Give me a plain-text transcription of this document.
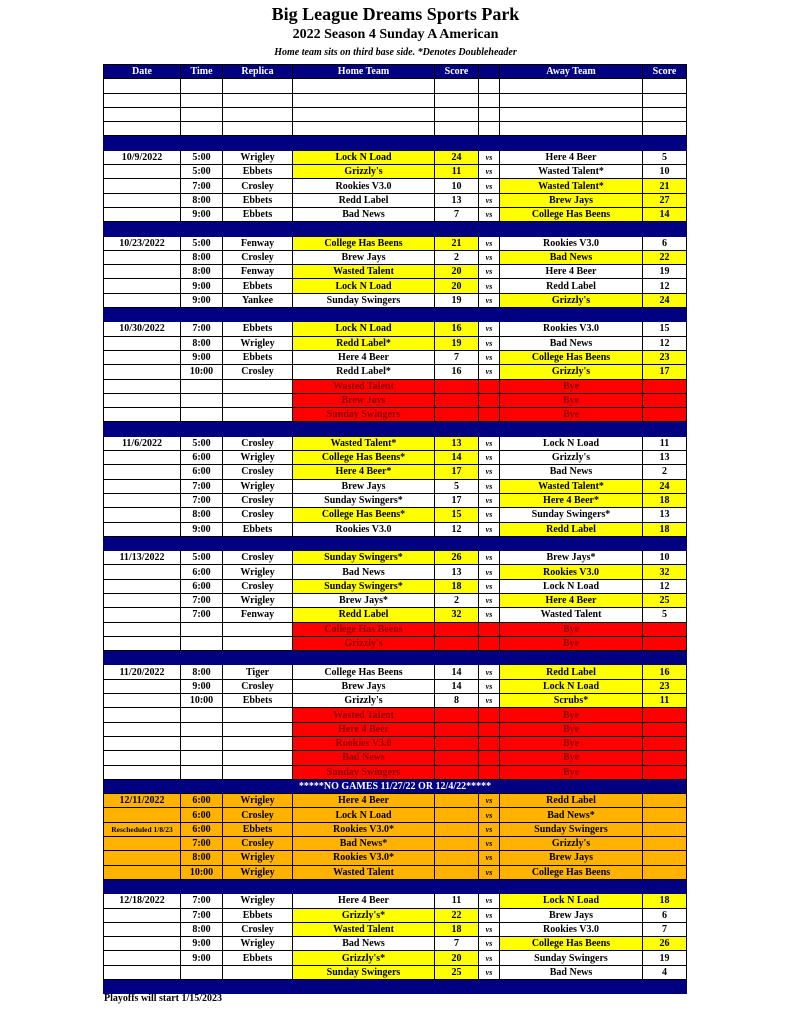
Big League Dreams Sports Park
2022 Season 4 Sunday A American
Home team sits on third base side. *Denotes Doubleheader
Date	Time	Replica	Home Team	Score		Away Team	Score

10/9/2022	5:00	Wrigley	Lock N Load	24	vs	Here 4 Beer	5
	5:00	Ebbets	Grizzly's	11	vs	Wasted Talent*	10
	7:00	Crosley	Rookies V3.0	10	vs	Wasted Talent*	21
	8:00	Ebbets	Redd Label	13	vs	Brew Jays	27
	9:00	Ebbets	Bad News	7	vs	College Has Beens	14

10/23/2022	5:00	Fenway	College Has Beens	21	vs	Rookies V3.0	6
	8:00	Crosley	Brew Jays	2	vs	Bad News	22
	8:00	Fenway	Wasted Talent	20	vs	Here 4 Beer	19
	9:00	Ebbets	Lock N Load	20	vs	Redd Label	12
	9:00	Yankee	Sunday Swingers	19	vs	Grizzly's	24

10/30/2022	7:00	Ebbets	Lock N Load	16	vs	Rookies V3.0	15
	8:00	Wrigley	Redd Label*	19	vs	Bad News	12
	9:00	Ebbets	Here 4 Beer	7	vs	College Has Beens	23
	10:00	Crosley	Redd Label*	16	vs	Grizzly's	17
			Wasted Talent			Bye	
			Brew Jays			Bye	
			Sunday Swingers			Bye	

11/6/2022	5:00	Crosley	Wasted Talent*	13	vs	Lock N Load	11
	6:00	Wrigley	College Has Beens*	14	vs	Grizzly's	13
	6:00	Crosley	Here 4 Beer*	17	vs	Bad News	2
	7:00	Wrigley	Brew Jays	5	vs	Wasted Talent*	24
	7:00	Crosley	Sunday Swingers*	17	vs	Here 4 Beer*	18
	8:00	Crosley	College Has Beens*	15	vs	Sunday Swingers*	13
	9:00	Ebbets	Rookies V3.0	12	vs	Redd Label	18

11/13/2022	5:00	Crosley	Sunday Swingers*	26	vs	Brew Jays*	10
	6:00	Wrigley	Bad News	13	vs	Rookies V3.0	32
	6:00	Crosley	Sunday Swingers*	18	vs	Lock N Load	12
	7:00	Wrigley	Brew Jays*	2	vs	Here 4 Beer	25
	7:00	Fenway	Redd Label	32	vs	Wasted Talent	5
			College Has Beens			Bye	
			Grizzly's			Bye	

11/20/2022	8:00	Tiger	College Has Beens	14	vs	Redd Label	16
	9:00	Crosley	Brew Jays	14	vs	Lock N Load	23
	10:00	Ebbets	Grizzly's	8	vs	Scrubs*	11
			Wasted Talent			Bye	
			Here 4 Beer			Bye	
			Rookies V3.0			Bye	
			Bad News			Bye	
			Sunday Swingers			Bye	
*****NO GAMES 11/27/22 OR 12/4/22*****							
12/11/2022	6:00	Wrigley	Here 4 Beer		vs	Redd Label	
	6:00	Crosley	Lock N Load		vs	Bad News*	
Rescheduled 1/8/23	6:00	Ebbets	Rookies V3.0*		vs	Sunday Swingers	
	7:00	Crosley	Bad News*		vs	Grizzly's	
	8:00	Wrigley	Rookies V3.0*		vs	Brew Jays	
	10:00	Wrigley	Wasted Talent		vs	College Has Beens	

12/18/2022	7:00	Wrigley	Here 4 Beer	11	vs	Lock N Load	18
	7:00	Ebbets	Grizzly's*	22	vs	Brew Jays	6
	8:00	Crosley	Wasted Talent	18	vs	Rookies V3.0	7
	9:00	Wrigley	Bad News	7	vs	College Has Beens	26
	9:00	Ebbets	Grizzly's*	20	vs	Sunday Swingers	19
			Sunday Swingers	25	vs	Bad News	4

Playoffs will start 1/15/2023
